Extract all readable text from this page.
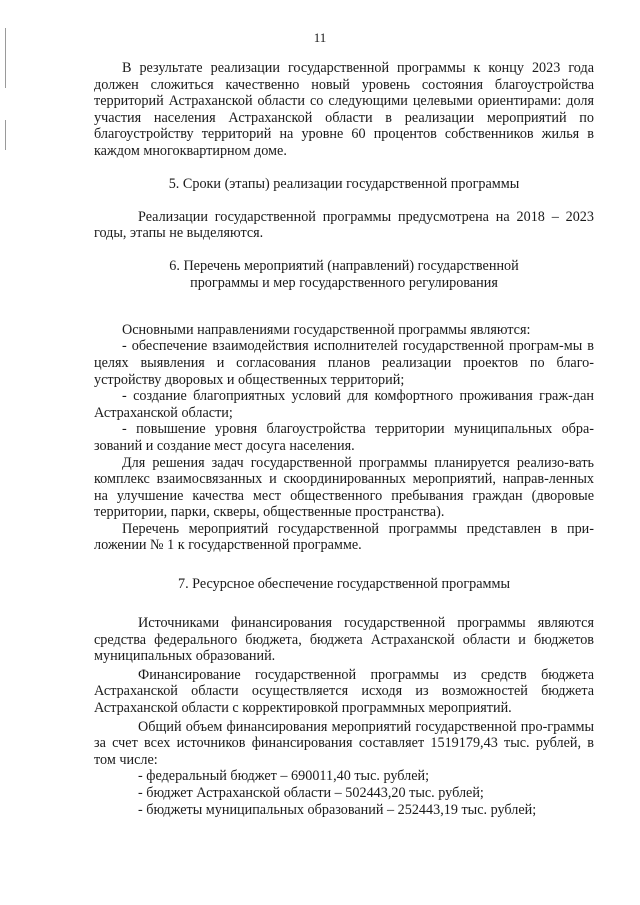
11

В результате реализации государственной программы к концу 2023 года должен сложиться качественно новый уровень состояния благоустройства территорий Астраханской области со следующими целевыми ориентирами: доля участия населения Астраханской области в реализации мероприятий по благоустройству территорий на уровне 60 процентов собственников жилья в каждом многоквартирном доме.

5. Сроки (этапы) реализации государственной программы

Реализации государственной программы предусмотрена на 2018 – 2023 годы, этапы не выделяются.

6. Перечень мероприятий (направлений) государственной программы и мер государственного регулирования

Основными направлениями государственной программы являются:

- обеспечение взаимодействия исполнителей государственной програм-мы в целях выявления и согласования планов реализации проектов по благо-устройству дворовых и общественных территорий;

- создание благоприятных условий для комфортного проживания граж-дан Астраханской области;

- повышение уровня благоустройства территории муниципальных обра-зований и создание мест досуга населения.

Для решения задач государственной программы планируется реализо-вать комплекс взаимосвязанных и скоординированных мероприятий, направ-ленных на улучшение качества мест общественного пребывания граждан (дворовые территории, парки, скверы, общественные пространства).

Перечень мероприятий государственной программы представлен в при-ложении № 1 к государственной программе.

7. Ресурсное обеспечение государственной программы

Источниками финансирования государственной программы являются средства федерального бюджета, бюджета Астраханской области и бюджетов муниципальных образований.

Финансирование государственной программы из средств бюджета Астраханской области осуществляется исходя из возможностей бюджета Астраханской области с корректировкой программных мероприятий.

Общий объем финансирования мероприятий государственной про-граммы за счет всех источников финансирования составляет 1519179,43 тыс. рублей, в том числе:

- федеральный бюджет – 690011,40 тыс. рублей;

- бюджет Астраханской области – 502443,20 тыс. рублей;

- бюджеты муниципальных образований – 252443,19 тыс. рублей;
